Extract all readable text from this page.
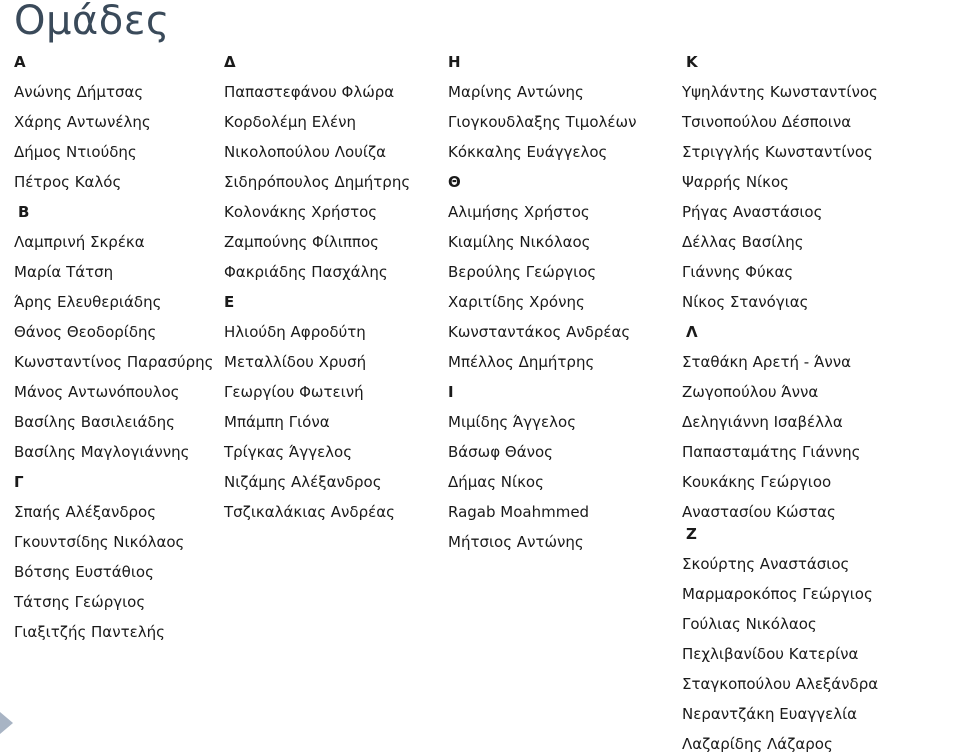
Ομάδες
Α
Ανώνης Δήμτσας
Χάρης Αντωνέλης
Δήμος Ντιούδης
Πέτρος Καλός
Β
Λαμπρινή Σκρέκα
Μαρία Τάτση
Άρης Ελευθεριάδης
Θάνος Θεοδορίδης
Κωνσταντίνος Παρασύρης
Μάνος Αντωνόπουλος
Βασίλης Βασιλειάδης
Βασίλης Μαγλογιάννης
Γ
Σπαής Αλέξανδρος
Γκουντσίδης Νικόλαος
Βότσης Ευστάθιος
Τάτσης Γεώργιος
Γιαξιτζής Παντελής
Δ
Παπαστεφάνου Φλώρα
Κορδολέμη Ελένη
Νικολοπούλου Λουίζα
Σιδηρόπουλος Δημήτρης
Κολονάκης Χρήστος
Ζαμπούνης Φίλιππος
Φακριάδης Πασχάλης
Ε
Ηλιούδη Αφροδύτη
Μεταλλίδου Χρυσή
Γεωργίου Φωτεινή
Μπάμπη Γιόνα
Τρίγκας Άγγελος
Νιζάμης Αλέξανδρος
Τσζικαλάκιας Ανδρέας
Η
Μαρίνης Αντώνης
Γιογκουδλαξης Τιμολέων
Κόκκαλης Ευάγγελος
Θ
Αλιμήσης Χρήστος
Κιαμίλης Νικόλαος
Βερούλης Γεώργιος
Χαριτίδης Χρόνης
Κωνσταντάκος Ανδρέας
Μπέλλος Δημήτρης
Ι
Μιμίδης Άγγελος
Βάσωφ Θάνος
Δήμας Νίκος
Ragab Moahmmed
Μήτσιος Αντώνης
Κ
Υψηλάντης Κωνσταντίνος
Τσινοπούλου Δέσποινα
Στριγγλής Κωνσταντίνος
Ψαρρής Νίκος
Ρήγας Αναστάσιος
Δέλλας Βασίλης
Γιάννης Φύκας
Νίκος Στανόγιας
Λ
Σταθάκη Αρετή - Άννα
Ζωγοπούλου Άννα
Δεληγιάννη Ισαβέλλα
Παπασταμάτης Γιάννης
Κουκάκης Γεώργιοο
Αναστασίου Κώστας
Ζ
Σκούρτης Αναστάσιος
Μαρμαροκόπος Γεώργιος
Γούλιας Νικόλαος
Πεχλιβανίδου Κατερίνα
Σταγκοπούλου Αλεξάνδρα
Νεραντζάκη Ευαγγελία
Λαζαρίδης Λάζαρος
